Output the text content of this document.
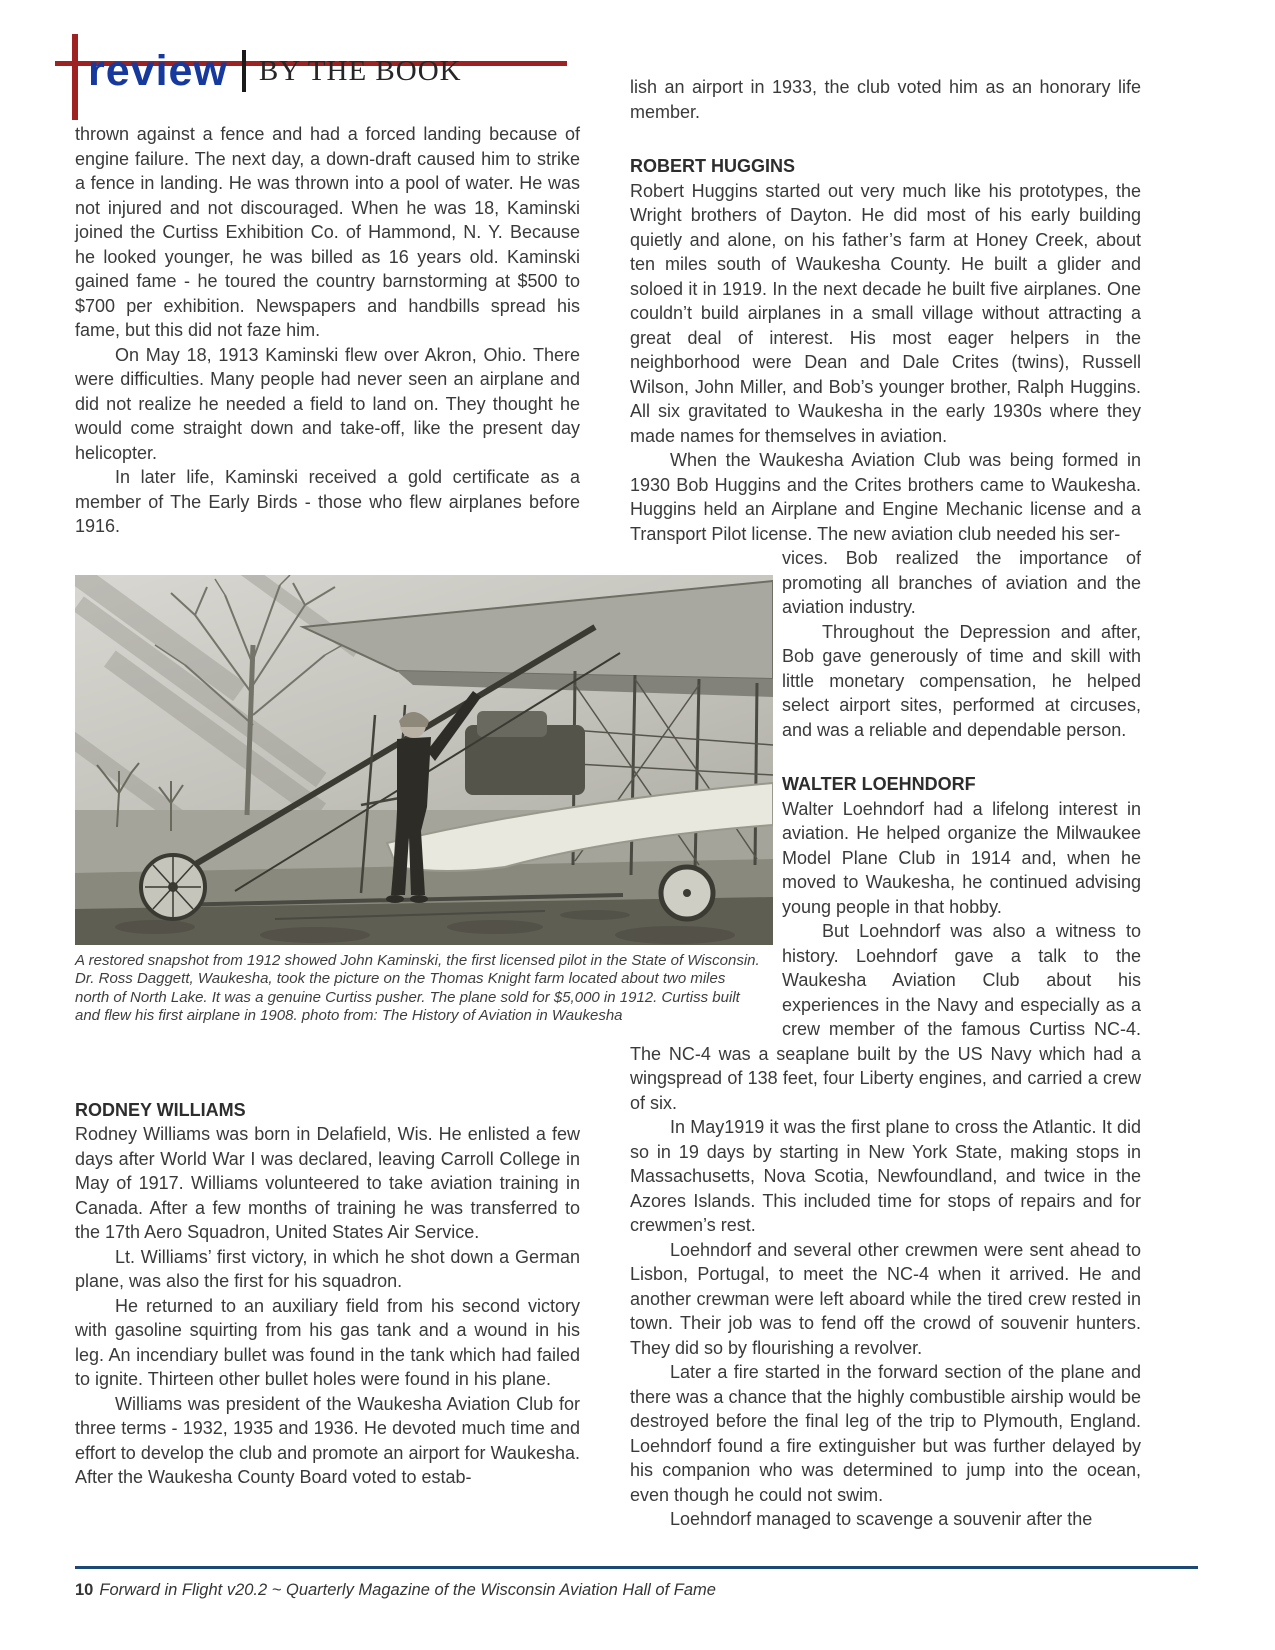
review BY THE BOOK

thrown against a fence and had a forced landing because of engine failure. The next day, a down-draft caused him to strike a fence in landing. He was thrown into a pool of water. He was not injured and not discouraged. When he was 18, Kaminski joined the Curtiss Exhibition Co. of Hammond, N. Y. Because he looked younger, he was billed as 16 years old. Kaminski gained fame - he toured the country barnstorming at $500 to $700 per exhibition. Newspapers and handbills spread his fame, but this did not faze him.

On May 18, 1913 Kaminski flew over Akron, Ohio. There were difficulties. Many people had never seen an airplane and did not realize he needed a field to land on. They thought he would come straight down and take-off, like the present day helicopter.

In later life, Kaminski received a gold certificate as a member of The Early Birds - those who flew airplanes before 1916.

A restored snapshot from 1912 showed John Kaminski, the first licensed pilot in the State of Wisconsin. Dr. Ross Daggett, Waukesha, took the picture on the Thomas Knight farm located about two miles north of North Lake. It was a genuine Curtiss pusher. The plane sold for $5,000 in 1912. Curtiss built and flew his first airplane in 1908. photo from: The History of Aviation in Waukesha
RODNEY WILLIAMS

Rodney Williams was born in Delafield, Wis. He enlisted a few days after World War I was declared, leaving Carroll College in May of 1917. Williams volunteered to take aviation training in Canada. After a few months of training he was transferred to the 17th Aero Squadron, United States Air Service.

Lt. Williams’ first victory, in which he shot down a German plane, was also the first for his squadron.

He returned to an auxiliary field from his second victory with gasoline squirting from his gas tank and a wound in his leg. An incendiary bullet was found in the tank which had failed to ignite. Thirteen other bullet holes were found in his plane.

Williams was president of the Waukesha Aviation Club for three terms - 1932, 1935 and 1936. He devoted much time and effort to develop the club and promote an airport for Waukesha. After the Waukesha County Board voted to estab-

lish an airport in 1933, the club voted him as an honorary life member.

ROBERT HUGGINS

Robert Huggins started out very much like his prototypes, the Wright brothers of Dayton. He did most of his early building quietly and alone, on his father’s farm at Honey Creek, about ten miles south of Waukesha County. He built a glider and soloed it in 1919. In the next decade he built five airplanes. One couldn’t build airplanes in a small village without attracting a great deal of interest. His most eager helpers in the neighborhood were Dean and Dale Crites (twins), Russell Wilson, John Miller, and Bob’s younger brother, Ralph Huggins. All six gravitated to Waukesha in the early 1930s where they made names for themselves in aviation.

When the Waukesha Aviation Club was being formed in 1930 Bob Huggins and the Crites brothers came to Waukesha. Huggins held an Airplane and Engine Mechanic license and a Transport Pilot license. The new aviation club needed his ser-

vices. Bob realized the importance of promoting all branches of aviation and the aviation industry.

Throughout the Depression and after, Bob gave generously of time and skill with little monetary compensation, he helped select airport sites, performed at circuses, and was a reliable and dependable person.

WALTER LOEHNDORF

Walter Loehndorf had a lifelong interest in aviation. He helped organize the Milwaukee Model Plane Club in 1914 and, when he moved to Waukesha, he continued advising young people in that hobby.

But Loehndorf was also a witness to history. Loehndorf gave a talk to the Waukesha Aviation Club about his experiences in the Navy and especially as a crew member of the famous Curtiss NC-4. The NC-4 was a seaplane built by the US Navy which had a wingspread of 138 feet, four Liberty engines, and carried a crew of six.

In May1919 it was the first plane to cross the Atlantic. It did so in 19 days by starting in New York State, making stops in Massachusetts, Nova Scotia, Newfoundland, and twice in the Azores Islands. This included time for stops of repairs and for crewmen’s rest.

Loehndorf and several other crewmen were sent ahead to Lisbon, Portugal, to meet the NC-4 when it arrived. He and another crewman were left aboard while the tired crew rested in town. Their job was to fend off the crowd of souvenir hunters. They did so by flourishing a revolver.

Later a fire started in the forward section of the plane and there was a chance that the highly combustible airship would be destroyed before the final leg of the trip to Plymouth, England. Loehndorf found a fire extinguisher but was further delayed by his companion who was determined to jump into the ocean, even though he could not swim.

Loehndorf managed to scavenge a souvenir after the

10 Forward in Flight v20.2 ~ Quarterly Magazine of the Wisconsin Aviation Hall of Fame
